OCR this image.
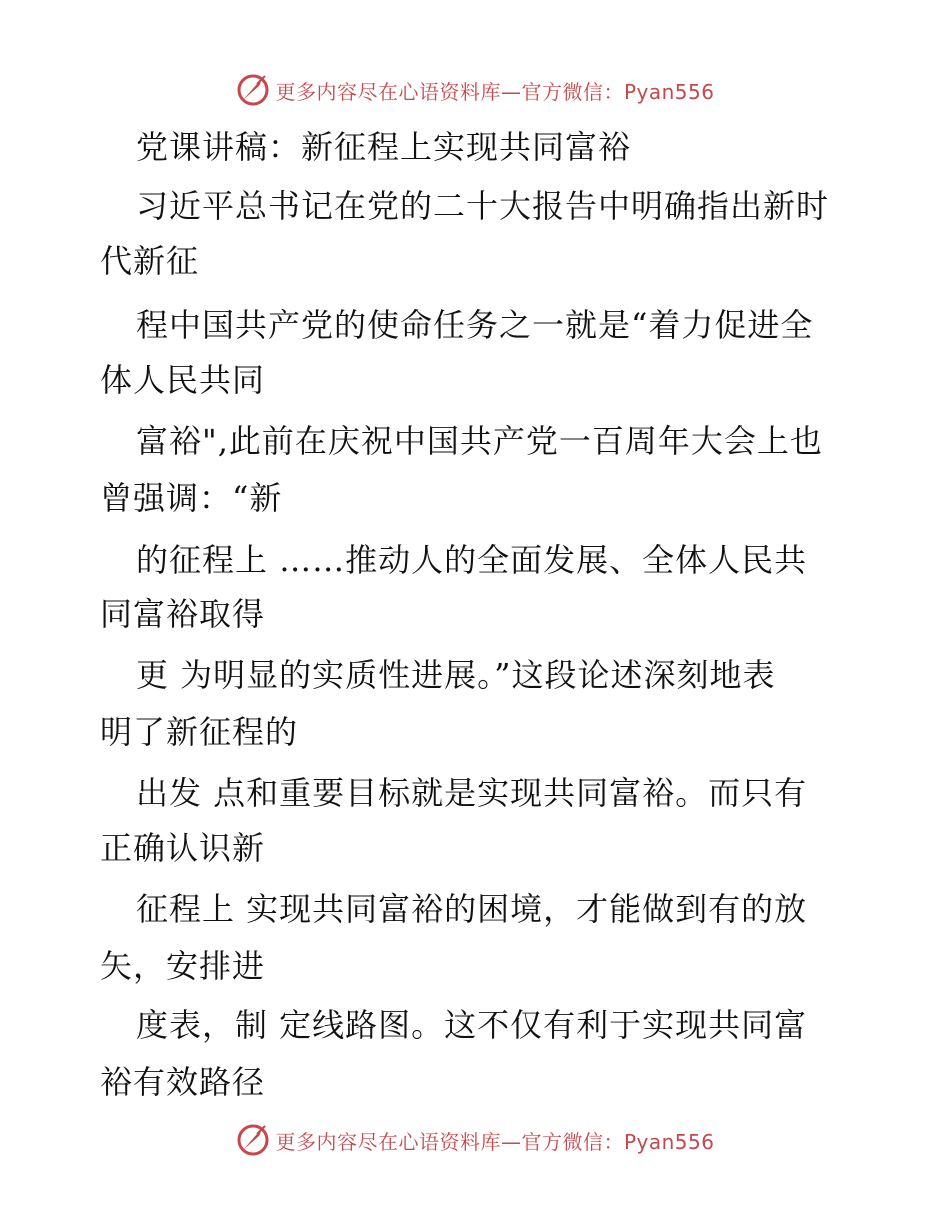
更多内容尽在心语资料库—官方微信：Pyan556
党课讲稿：新征程上实现共同富裕
习近平总书记在党的二十大报告中明确指出新时
代新征
程中国共产党的使命任务之一就是“着力促进全
体人民共同
富裕",此前在庆祝中国共产党一百周年大会上也
曾强调：“新
的征程上 ……推动人的全面发展、全体人民共
同富裕取得
更 为明显的实质性进展。”这段论述深刻地表
明了新征程的
出发 点和重要目标就是实现共同富裕。而只有
正确认识新
征程上 实现共同富裕的困境，才能做到有的放
矢，安排进
度表，制 定线路图。这不仅有利于实现共同富
裕有效路径
更多内容尽在心语资料库—官方微信：Pyan556
